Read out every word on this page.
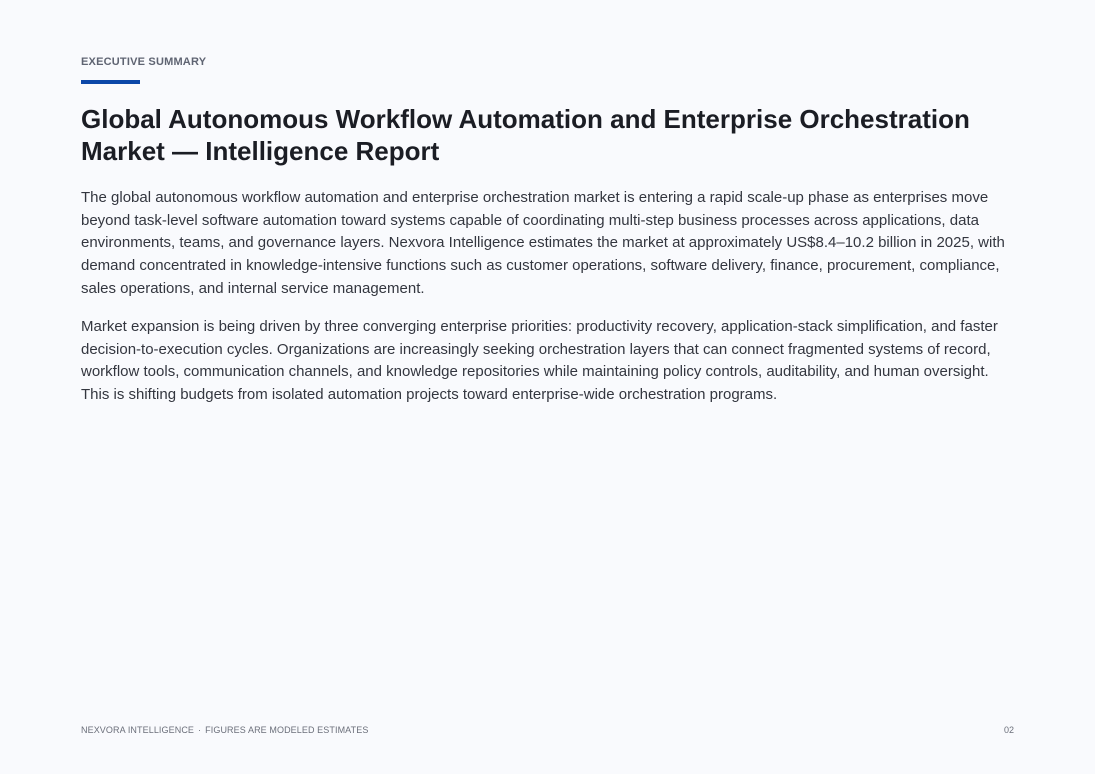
EXECUTIVE SUMMARY
Global Autonomous Workflow Automation and Enterprise Orchestration Market — Intelligence Report

The global autonomous workflow automation and enterprise orchestration market is entering a rapid scale-up phase as enterprises move beyond task-level software automation toward systems capable of coordinating multi-step business processes across applications, data environments, teams, and governance layers. Nexvora Intelligence estimates the market at approximately US$8.4–10.2 billion in 2025, with demand concentrated in knowledge-intensive functions such as customer operations, software delivery, finance, procurement, compliance, sales operations, and internal service management.

Market expansion is being driven by three converging enterprise priorities: productivity recovery, application-stack simplification, and faster decision-to-execution cycles. Organizations are increasingly seeking orchestration layers that can connect fragmented systems of record, workflow tools, communication channels, and knowledge repositories while maintaining policy controls, auditability, and human oversight. This is shifting budgets from isolated automation projects toward enterprise-wide orchestration programs.

NEXVORA INTELLIGENCE · FIGURES ARE MODELED ESTIMATES	02
